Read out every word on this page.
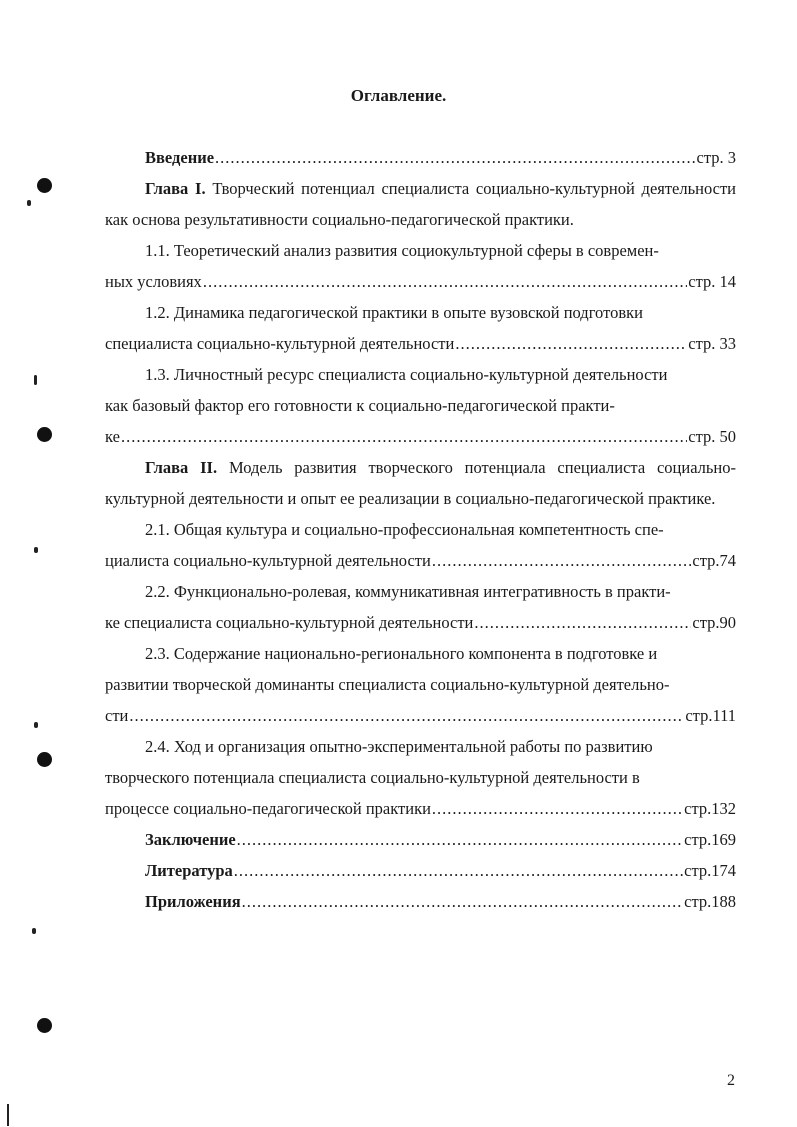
Оглавление.
Введение .....	стр. 3

Глава I. Творческий потенциал специалиста социально-культурной деятельности как основа результативности социально-педагогической практики.

1.1. Теоретический анализ развития социокультурной сферы в современ-
ных условиях .....	стр. 14
1.2. Динамика педагогической практики в опыте вузовской подготовки
специалиста социально-культурной деятельности .....	стр. 33
1.3. Личностный ресурс специалиста социально-культурной деятельности
как базовый фактор его готовности к социально-педагогической практи-
ке .....	стр. 50

Глава II. Модель развития творческого потенциала специалиста социально-культурной деятельности и опыт ее реализации в социально-педагогической практике.

2.1. Общая культура и социально-профессиональная компетентность спе-
циалиста социально-культурной деятельности .....	стр.74
2.2. Функционально-ролевая, коммуникативная интегративность в практи-
ке специалиста социально-культурной деятельности .....	стр.90
2.3. Содержание национально-регионального компонента в подготовке и
развитии творческой доминанты специалиста социально-культурной деятельно-
сти .....	стр.111
2.4. Ход и организация опытно-экспериментальной работы по развитию
творческого потенциала специалиста социально-культурной деятельности в
процессе социально-педагогической практики .....	стр.132
Заключение .....	стр.169
Литература .....	стр.174
Приложения .....	стр.188
2
